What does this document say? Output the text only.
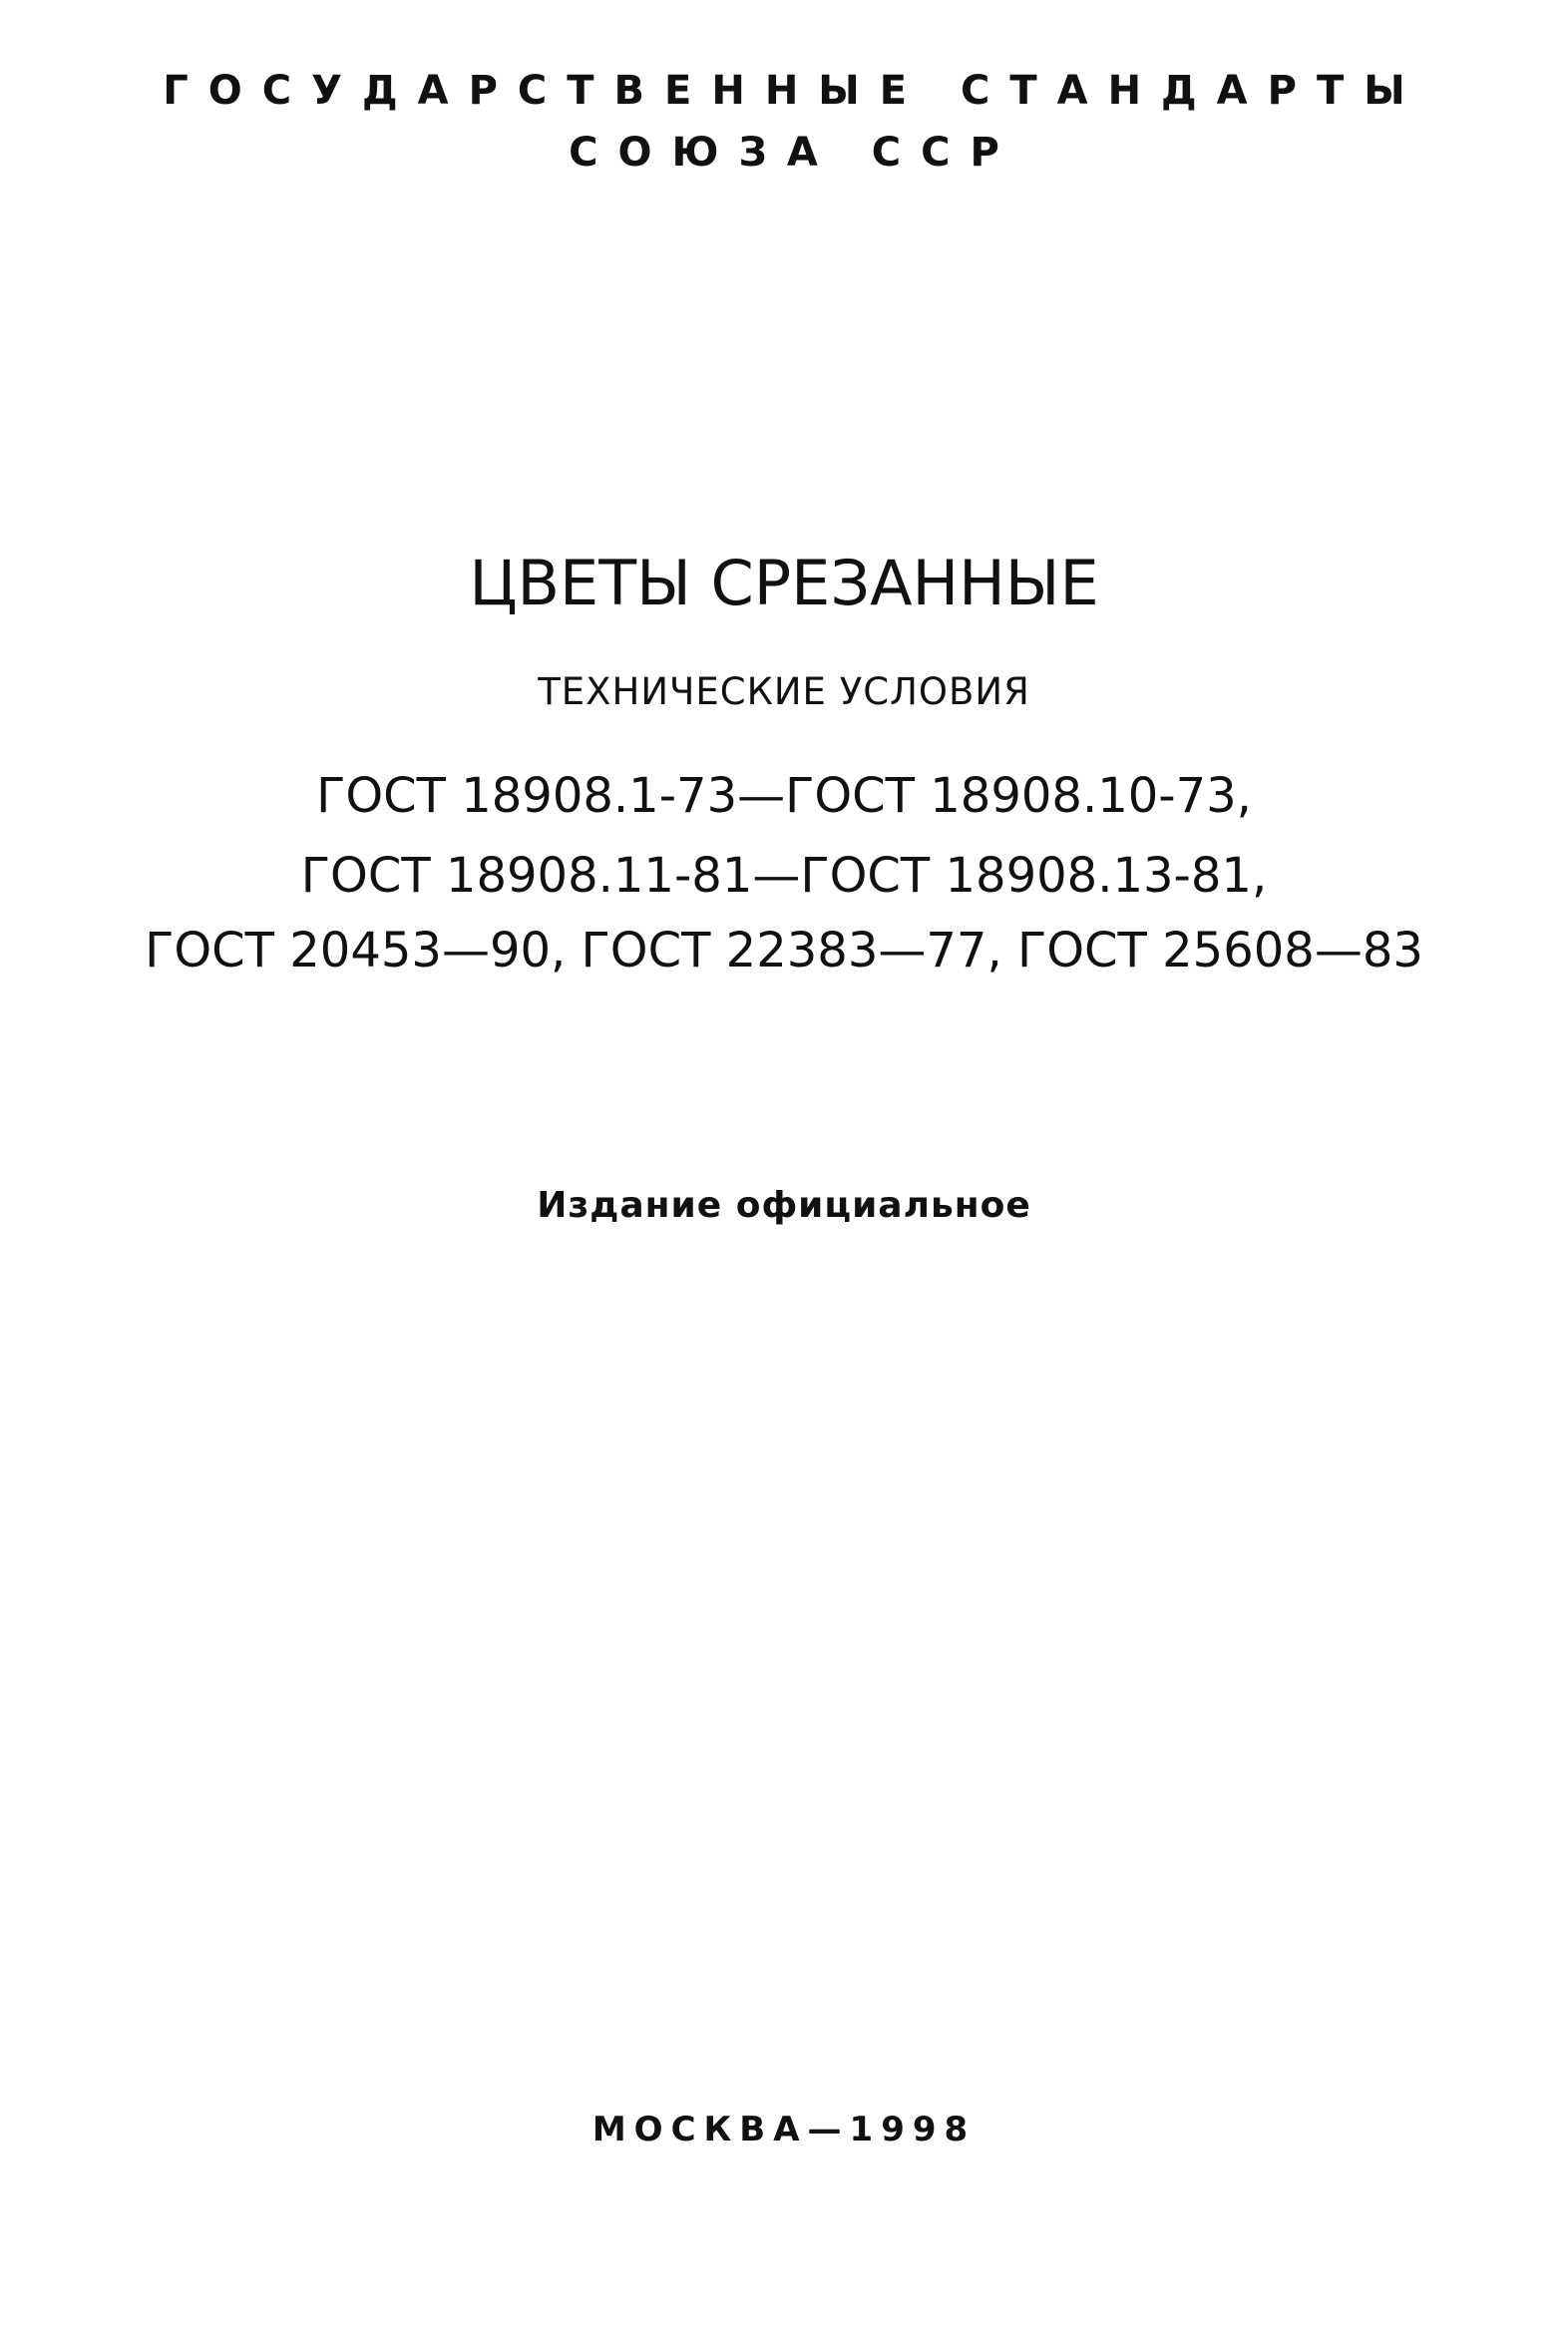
ГОСУДАРСТВЕННЫЕ СТАНДАРТЫ
СОЮЗА ССР
ЦВЕТЫ СРЕЗАННЫЕ
ТЕХНИЧЕСКИЕ УСЛОВИЯ
ГОСТ 18908.1-73—ГОСТ 18908.10-73,
ГОСТ 18908.11-81—ГОСТ 18908.13-81,
ГОСТ 20453—90, ГОСТ 22383—77, ГОСТ 25608—83
Издание официальное
МОСКВА—1998
